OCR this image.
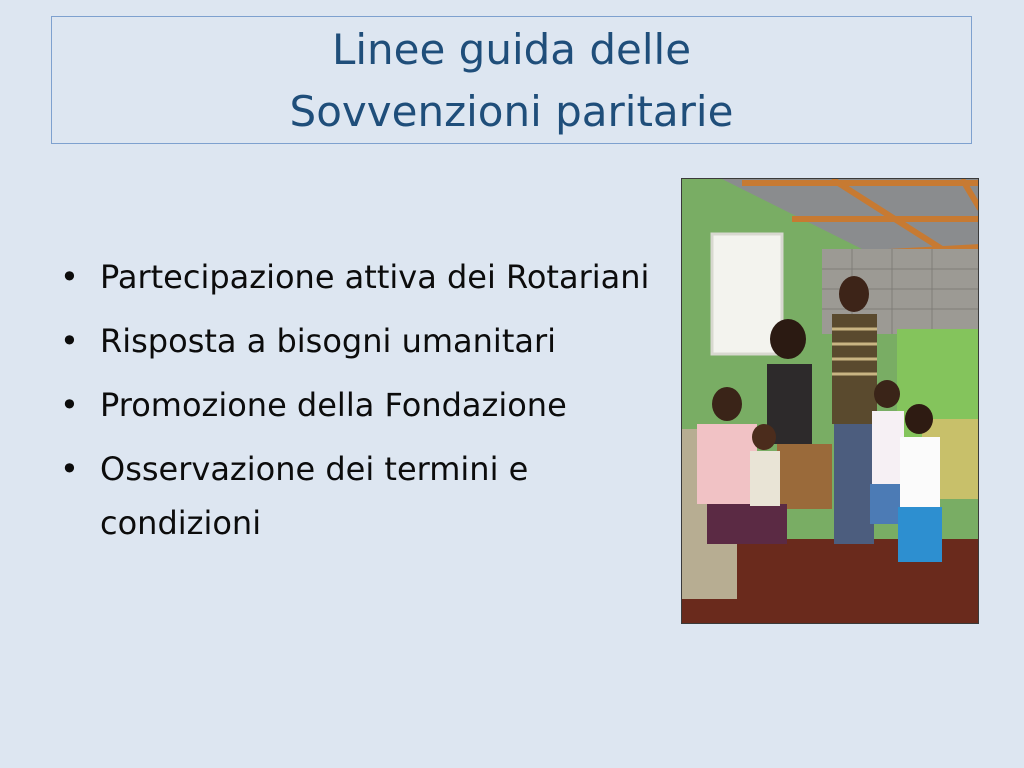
Linee guida delle
Sovvenzioni paritarie
• Partecipazione attiva dei Rotariani
• Risposta a bisogni umanitari
• Promozione della Fondazione
• Osservazione dei termini e condizioni
